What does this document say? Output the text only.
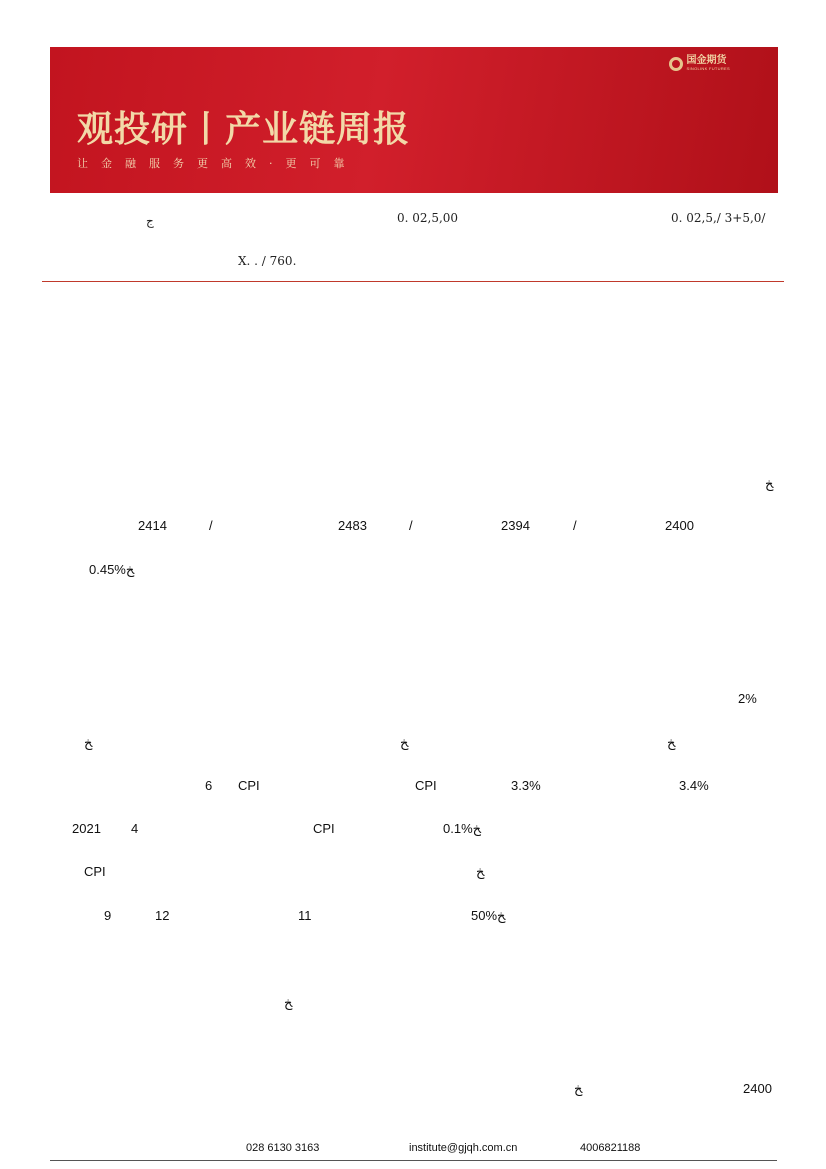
国金期货
SINOLINK FUTURES
观投研丨产业链周报
让金融服务更高效·更可靠
ج	0. 02,5,00	0. 02,5,/ 3+5,0/
X. . / 760.
ﺦ
2414	/	2483	/	2394	/	2400
0.45%ﺦ
2%
ﺦ	ﺦ	ﺦ
6 CPI	CPI	3.3%	3.4%
2021 4	CPI	0.1%ﺦ
CPI	ﺦ
9	12	11	50%ﺦ
ﺦ
ﺦ	2400
028 6130 3163	institute@gjqh.com.cn	4006821188
